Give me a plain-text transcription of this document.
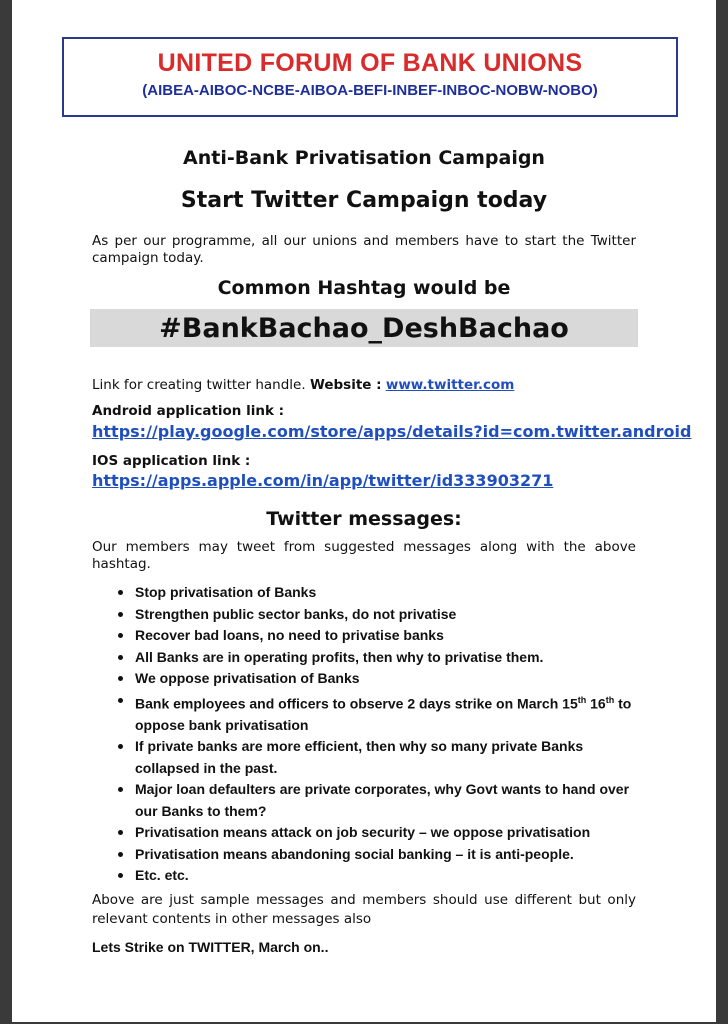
UNITED FORUM OF BANK UNIONS
(AIBEA-AIBOC-NCBE-AIBOA-BEFI-INBEF-INBOC-NOBW-NOBO)
Anti-Bank Privatisation Campaign
Start Twitter Campaign today
As per our programme, all our unions and members have to start the Twitter campaign today.
Common Hashtag would be
#BankBachao_DeshBachao
Link for creating twitter handle. Website : www.twitter.com
Android application link :
https://play.google.com/store/apps/details?id=com.twitter.android
IOS application link :
https://apps.apple.com/in/app/twitter/id333903271
Twitter messages:
Our members may tweet from suggested messages along with the above hashtag.
Stop privatisation of Banks
Strengthen public sector banks, do not privatise
Recover bad loans, no need to privatise banks
All Banks are in operating profits, then why to privatise them.
We oppose privatisation of Banks
Bank employees and officers to observe 2 days strike on March 15th 16th to oppose bank privatisation
If private banks are more efficient, then why so many private Banks collapsed in the past.
Major loan defaulters are private corporates, why Govt wants to hand over our Banks to them?
Privatisation means attack on job security – we oppose privatisation
Privatisation means abandoning social banking – it is anti-people.
Etc. etc.
Above are just sample messages and members should use different but only relevant contents in other messages also
Lets Strike on TWITTER, March on..
